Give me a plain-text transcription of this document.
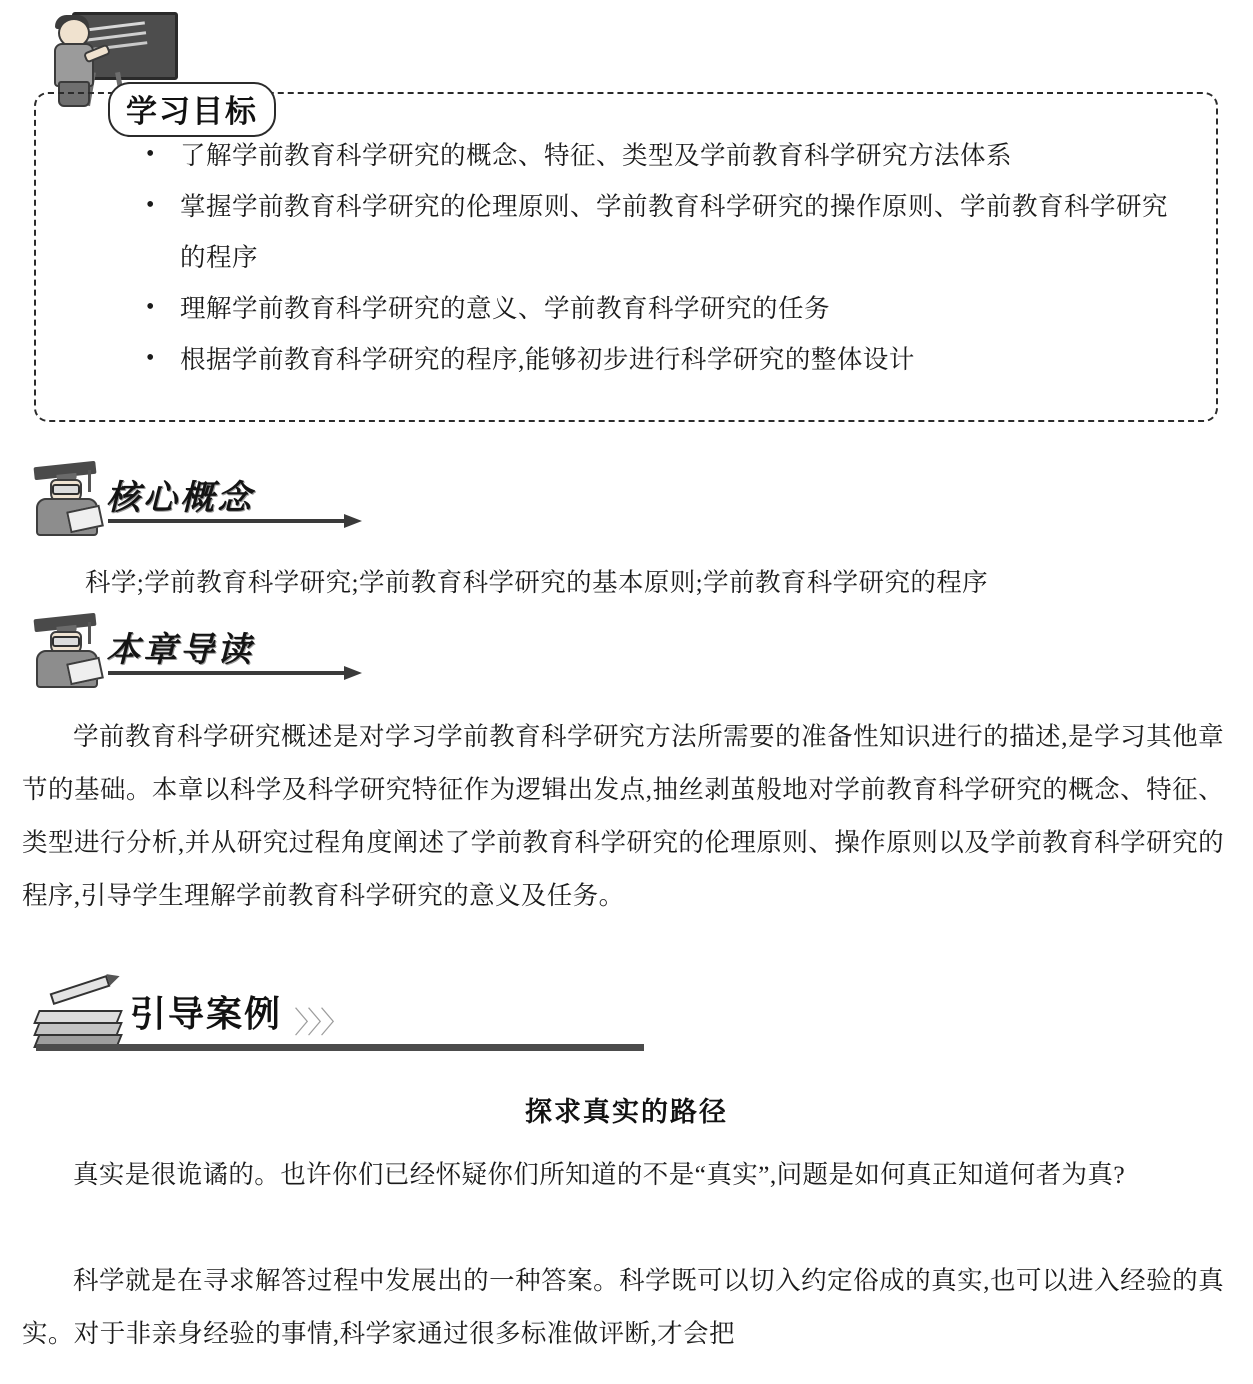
学习目标
• 了解学前教育科学研究的概念、特征、类型及学前教育科学研究方法体系
• 掌握学前教育科学研究的伦理原则、学前教育科学研究的操作原则、学前教育科学研究的程序
• 理解学前教育科学研究的意义、学前教育科学研究的任务
• 根据学前教育科学研究的程序,能够初步进行科学研究的整体设计
核心概念
科学;学前教育科学研究;学前教育科学研究的基本原则;学前教育科学研究的程序
本章导读
学前教育科学研究概述是对学习学前教育科学研究方法所需要的准备性知识进行的描述,是学习其他章节的基础。本章以科学及科学研究特征作为逻辑出发点,抽丝剥茧般地对学前教育科学研究的概念、特征、类型进行分析,并从研究过程角度阐述了学前教育科学研究的伦理原则、操作原则以及学前教育科学研究的程序,引导学生理解学前教育科学研究的意义及任务。
引导案例 〉〉〉
探求真实的路径
真实是很诡谲的。也许你们已经怀疑你们所知道的不是“真实”,问题是如何真正知道何者为真?
科学就是在寻求解答过程中发展出的一种答案。科学既可以切入约定俗成的真实,也可以进入经验的真实。对于非亲身经验的事情,科学家通过很多标准做评断,才会把
